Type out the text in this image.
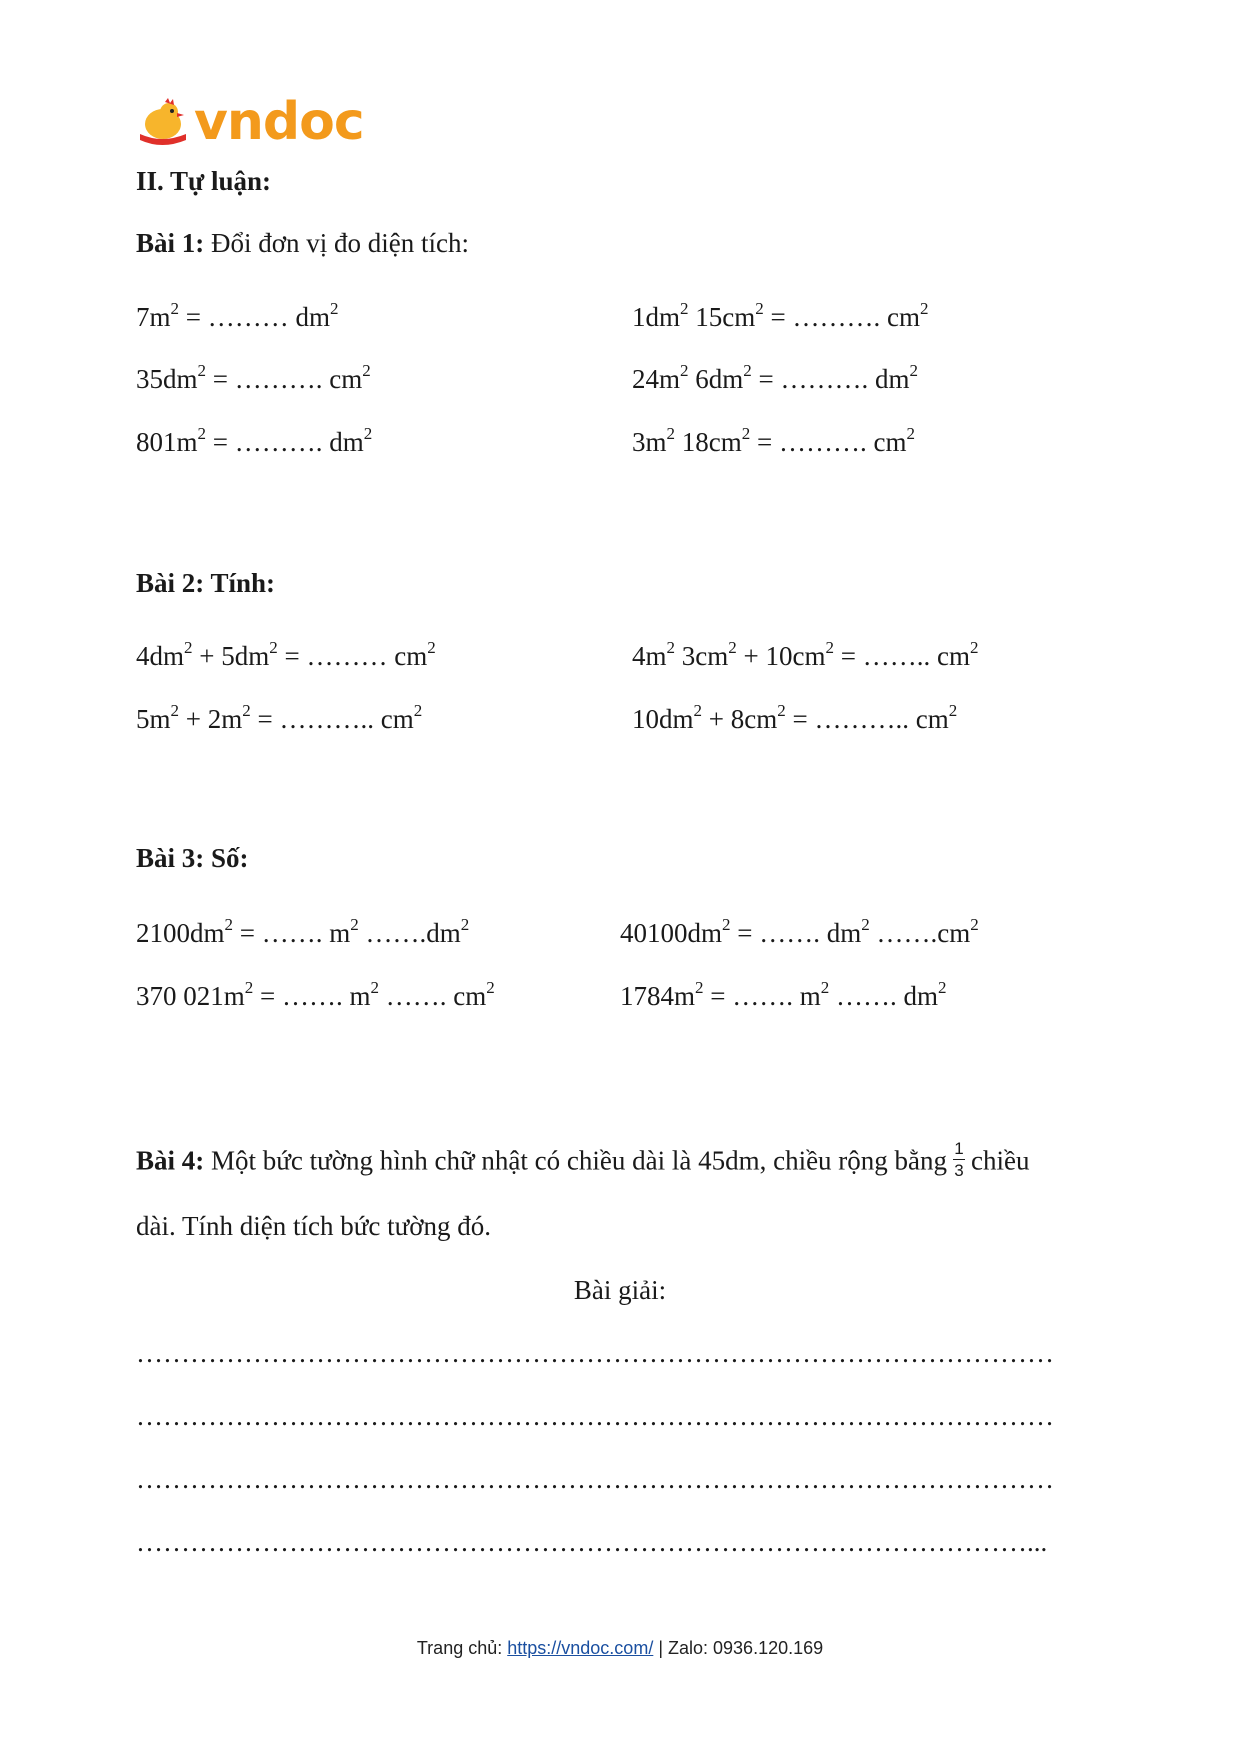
vndoc
II. Tự luận:
Bài 1: Đổi đơn vị đo diện tích:
$7m^2$ = ……… $dm^2$
$35dm^2$ = ………. $cm^2$
$801m^2$ = ………. $dm^2$
$1dm^2$ $15cm^2$ = ………. $cm^2$
$24m^2$ $6dm^2$ = ………. $dm^2$
$3m^2$ $18cm^2$ = ………. $cm^2$
Bài 2: Tính:
$4dm^2 + 5dm^2$ = ……… $cm^2$
$5m^2 + 2m^2$ = ……….. $cm^2$
$4m^2$ $3cm^2 + 10cm^2$ = …….. $cm^2$
$10dm^2 + 8cm^2$ = ……….. $cm^2$
Bài 3: Số:
$2100dm^2$ = ……. $m^2$ $\dots\dots.dm^2$
370 $021m^2$ = ……. $m^2$ ……. $cm^2$
$40100dm^2$ = ……. $dm^2$ $\dots\dots.cm^2$
$1784m^2$ = ……. $m^2$ ……. $dm^2$
Bài 4: Một bức tường hình chữ nhật có chiều dài là 45dm, chiều rộng bằng $\frac{1}{3}$ chiều
dài. Tính diện tích bức tường đó.
Bài giải:
…………………………………………………………………………………………
…………………………………………………………………………………………
…………………………………………………………………………………………
………………………………………………………………………………………...
Trang chủ: https://vndoc.com/ | Zalo: 0936.120.169
